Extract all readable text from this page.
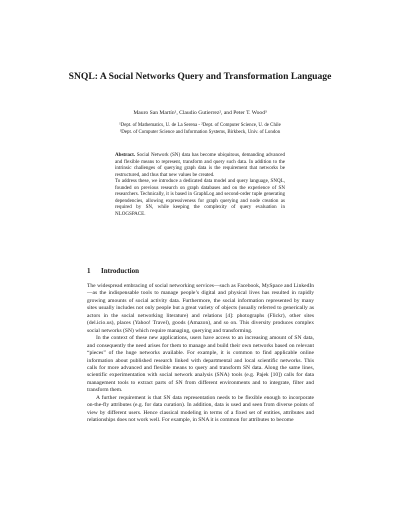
SNQL: A Social Networks Query and Transformation Language
Mauro San Martín¹, Claudio Gutierrez², and Peter T. Wood³
¹Dept. of Mathematics, U. de La Serena - ²Dept. of Computer Science, U. de Chile
³Dept. of Computer Science and Information Systems, Birkbeck, Univ. of London

Abstract. Social Network (SN) data has become ubiquitous, demanding advanced and flexible means to represent, transform and query such data. In addition to the intrinsic challenges of querying graph data is the requirement that networks be restructured, and thus that new values be created.

To address these, we introduce a dedicated data model and query language, SNQL, founded on previous research on graph databases and on the experience of SN researchers. Technically, it is based in GraphLog and second-order tuple generating dependencies, allowing expressiveness for graph querying and node creation as required by SN, while keeping the complexity of query evaluation in NLOGSPACE.

1 Introduction

The widespread embracing of social networking services—such as Facebook, MySpace and LinkedIn—as the indispensable tools to manage people’s digital and physical lives has resulted in rapidly growing amounts of social activity data. Furthermore, the social information represented by many sites usually includes not only people but a great variety of objects (usually referred to generically as actors in the social networking literature) and relations [4]: photographs (Flickr), other sites (del.icio.us), places (Yahoo! Travel), goods (Amazon), and so on. This diversity produces complex social networks (SN) which require managing, querying and transforming.

In the context of these new applications, users have access to an increasing amount of SN data, and consequently the need arises for them to manage and build their own networks based on relevant “pieces” of the huge networks available. For example, it is common to find applicable online information about published research linked with departmental and local scientific networks. This calls for more advanced and flexible means to query and transform SN data. Along the same lines, scientific experimentation with social network analysis (SNA) tools (e.g. Pajek [10]) calls for data management tools to extract parts of SN from different environments and to integrate, filter and transform them.

A further requirement is that SN data representation needs to be flexible enough to incorporate on-the-fly attributes (e.g. for data curation). In addition, data is used and seen from diverse points of view by different users. Hence classical modeling in terms of a fixed set of entities, attributes and relationships does not work well. For example, in SNA it is common for attributes to become
